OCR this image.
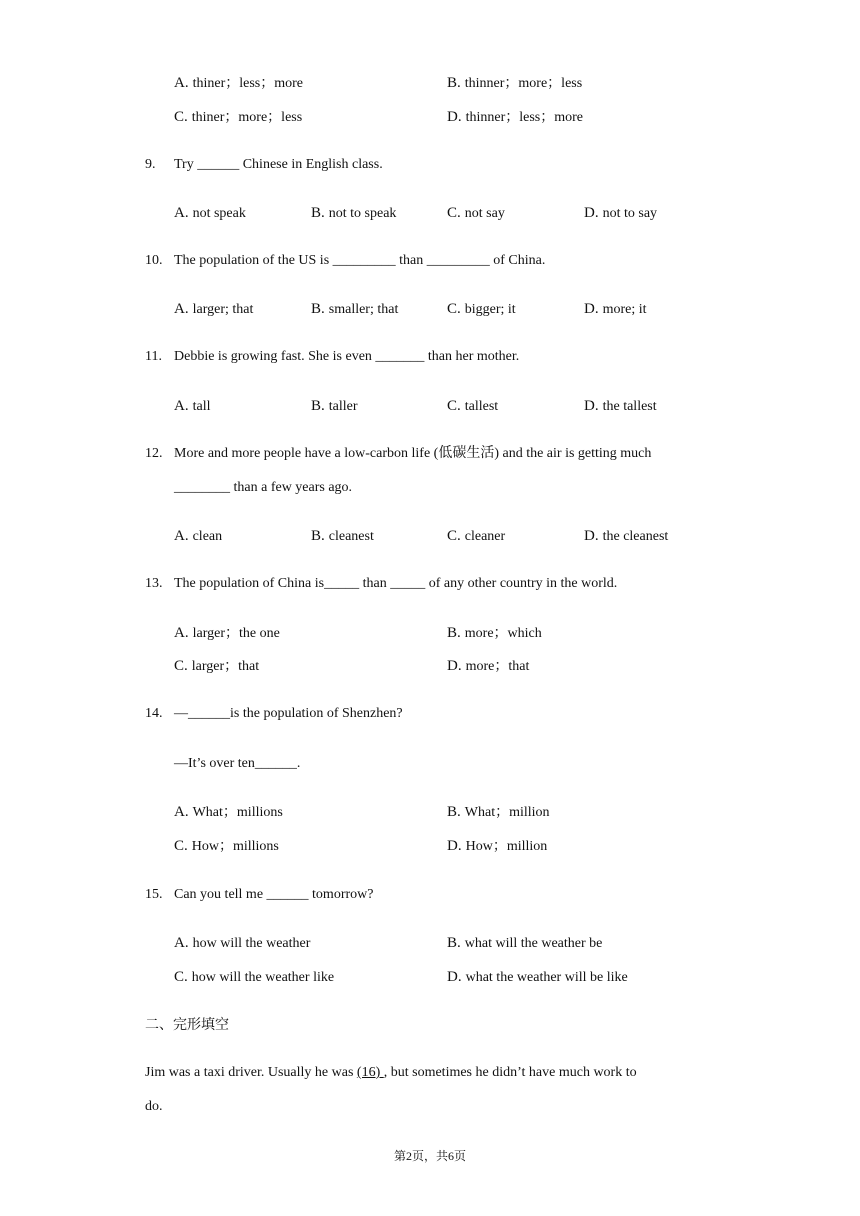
A. thiner；less；more	B. thinner；more；less
C. thiner；more；less	D. thinner；less；more
9. Try ______ Chinese in English class.
A. not speak	B. not to speak	C. not say	D. not to say
10. The population of the US is _________ than _________ of China.
A. larger; that	B. smaller; that	C. bigger; it	D. more; it
11. Debbie is growing fast. She is even _______ than her mother.
A. tall	B. taller	C. tallest	D. the tallest
12. More and more people have a low-carbon life (低碳生活) and the air is getting much
________ than a few years ago.
A. clean	B. cleanest	C. cleaner	D. the cleanest
13. The population of China is_____ than _____ of any other country in the world.
A. larger；the one	B. more；which
C. larger；that	D. more；that
14. —______is the population of Shenzhen?
—It’s over ten______.
A. What；millions	B. What；million
C. How；millions	D. How；million
15. Can you tell me ______ tomorrow?
A. how will the weather	B. what will the weather be
C. how will the weather like	D. what the weather will be like
二、完形填空
Jim was a taxi driver. Usually he was (16) , but sometimes he didn’t have much work to
do.
第2页，共6页
